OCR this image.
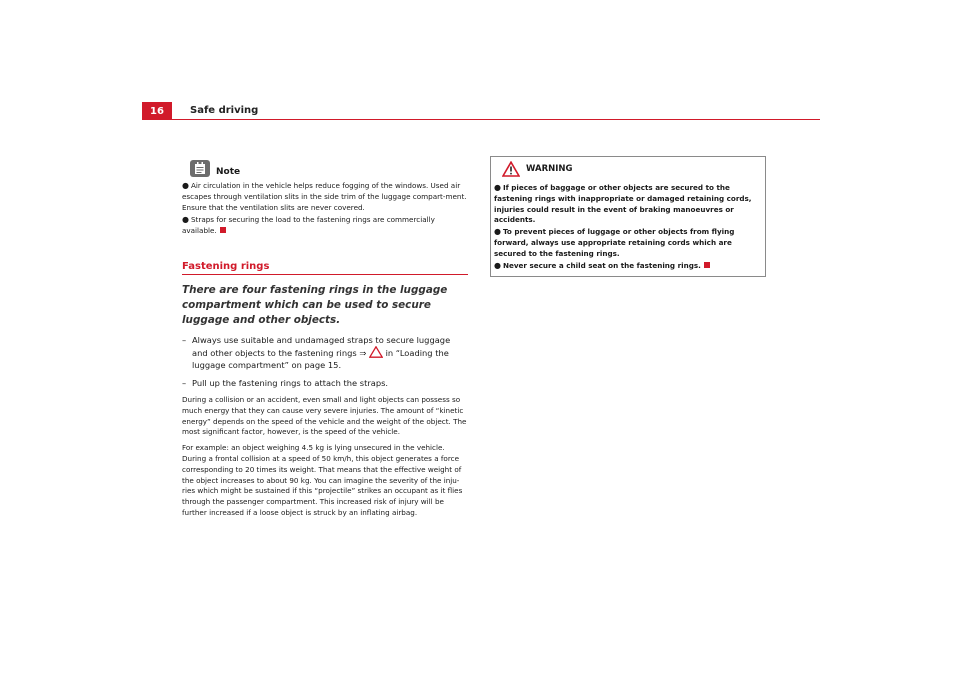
16	Safe driving
Note

● Air circulation in the vehicle helps reduce fogging of the windows. Used air escapes through ventilation slits in the side trim of the luggage compart-ment. Ensure that the ventilation slits are never covered.

● Straps for securing the load to the fastening rings are commercially available.

Fastening rings
There are four fastening rings in the luggage compartment which can be used to secure luggage and other objects.
– Always use suitable and undamaged straps to secure luggage and other objects to the fastening rings ⇒  in “Loading the luggage compartment” on page 15.
– Pull up the fastening rings to attach the straps.

During a collision or an accident, even small and light objects can possess so much energy that they can cause very severe injuries. The amount of “kinetic energy” depends on the speed of the vehicle and the weight of the object. The most significant factor, however, is the speed of the vehicle.

For example: an object weighing 4.5 kg is lying unsecured in the vehicle. During a frontal collision at a speed of 50 km/h, this object generates a force corresponding to 20 times its weight. That means that the effective weight of the object increases to about 90 kg. You can imagine the severity of the inju-ries which might be sustained if this “projectile” strikes an occupant as it flies through the passenger compartment. This increased risk of injury will be further increased if a loose object is struck by an inflating airbag.

WARNING

● If pieces of baggage or other objects are secured to the fastening rings with inappropriate or damaged retaining cords, injuries could result in the event of braking manoeuvres or accidents.

● To prevent pieces of luggage or other objects from flying forward, always use appropriate retaining cords which are secured to the fastening rings.

● Never secure a child seat on the fastening rings.
